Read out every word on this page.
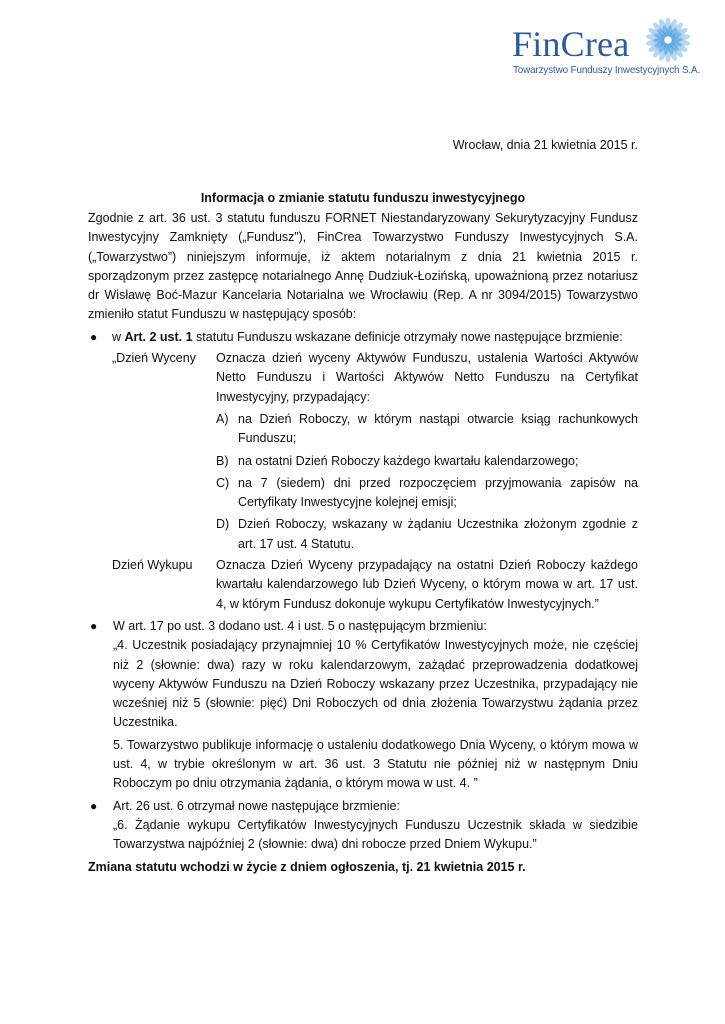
FinCrea
Towarzystwo Funduszy Inwestycyjnych S.A.
Wrocław, dnia 21 kwietnia 2015 r.
Informacja o zmianie statutu funduszu inwestycyjnego

Zgodnie z art. 36 ust. 3 statutu funduszu FORNET Niestandaryzowany Sekurytyzacyjny Fundusz Inwestycyjny Zamknięty („Fundusz”), FinCrea Towarzystwo Funduszy Inwestycyjnych S.A. („Towarzystwo”) niniejszym informuje, iż aktem notarialnym z dnia 21 kwietnia 2015 r. sporządzonym przez zastępcę notarialnego Annę Dudziuk-Łozińską, upoważnioną przez notariusz dr Wisławę Boć-Mazur Kancelaria Notarialna we Wrocławiu (Rep. A nr 3094/2015) Towarzystwo zmieniło statut Funduszu w następujący sposób:

● w Art. 2 ust. 1 statutu Funduszu wskazane definicje otrzymały nowe następujące brzmienie:
„Dzień Wyceny	Oznacza dzień wyceny Aktywów Funduszu, ustalenia Wartości Aktywów Netto Funduszu i Wartości Aktywów Netto Funduszu na Certyfikat Inwestycyjny, przypadający:
A) na Dzień Roboczy, w którym nastąpi otwarcie ksiąg rachunkowych Funduszu;
B) na ostatni Dzień Roboczy każdego kwartału kalendarzowego;
C) na 7 (siedem) dni przed rozpoczęciem przyjmowania zapisów na Certyfikaty Inwestycyjne kolejnej emisji;
D) Dzień Roboczy, wskazany w żądaniu Uczestnika złożonym zgodnie z art. 17 ust. 4 Statutu.
Dzień Wykupu	Oznacza Dzień Wyceny przypadający na ostatni Dzień Roboczy każdego kwartału kalendarzowego lub Dzień Wyceny, o którym mowa w art. 17 ust. 4, w którym Fundusz dokonuje wykupu Certyfikatów Inwestycyjnych.”
● W art. 17 po ust. 3 dodano ust. 4 i ust. 5 o następującym brzmieniu:
„4. Uczestnik posiadający przynajmniej 10 % Certyfikatów Inwestycyjnych może, nie częściej niż 2 (słownie: dwa) razy w roku kalendarzowym, zażądać przeprowadzenia dodatkowej wyceny Aktywów Funduszu na Dzień Roboczy wskazany przez Uczestnika, przypadający nie wcześniej niż 5 (słownie: pięć) Dni Roboczych od dnia złożenia Towarzystwu żądania przez Uczestnika.
5. Towarzystwo publikuje informację o ustaleniu dodatkowego Dnia Wyceny, o którym mowa w ust. 4, w trybie określonym w art. 36 ust. 3 Statutu nie później niż w następnym Dniu Roboczym po dniu otrzymania żądania, o którym mowa w ust. 4. ”
● Art. 26 ust. 6 otrzymał nowe następujące brzmienie:
„6. Żądanie wykupu Certyfikatów Inwestycyjnych Funduszu Uczestnik składa w siedzibie Towarzystwa najpóźniej 2 (słownie: dwa) dni robocze przed Dniem Wykupu.”
Zmiana statutu wchodzi w życie z dniem ogłoszenia, tj. 21 kwietnia 2015 r.
